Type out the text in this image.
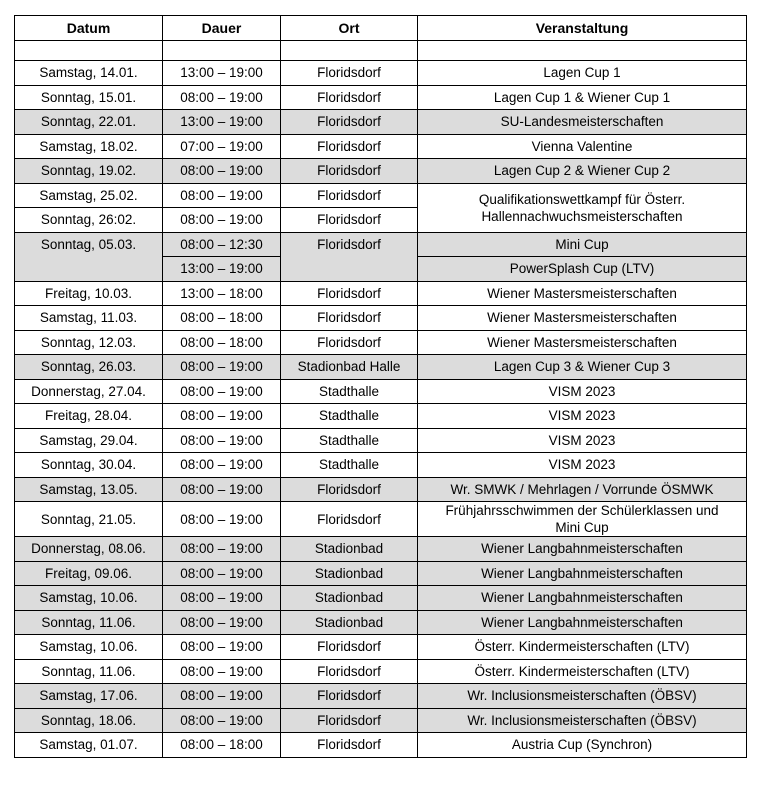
Datum	Dauer	Ort	Veranstaltung

Samstag, 14.01.	13:00 – 19:00	Floridsdorf	Lagen Cup 1
Sonntag, 15.01.	08:00 – 19:00	Floridsdorf	Lagen Cup 1 & Wiener Cup 1
Sonntag, 22.01.	13:00 – 19:00	Floridsdorf	SU-Landesmeisterschaften
Samstag, 18.02.	07:00 – 19:00	Floridsdorf	Vienna Valentine
Sonntag, 19.02.	08:00 – 19:00	Floridsdorf	Lagen Cup 2 & Wiener Cup 2
Samstag, 25.02.	08:00 – 19:00	Floridsdorf	Qualifikationswettkampf für Österr.
Hallennachwuchsmeisterschaften

Sonntag, 26:02.	08:00 – 19:00	Floridsdorf	
Sonntag, 05.03.	08:00 – 12:30	Floridsdorf	Mini Cup
	13:00 – 19:00		PowerSplash Cup (LTV)
Freitag, 10.03.	13:00 – 18:00	Floridsdorf	Wiener Mastersmeisterschaften
Samstag, 11.03.	08:00 – 18:00	Floridsdorf	Wiener Mastersmeisterschaften
Sonntag, 12.03.	08:00 – 18:00	Floridsdorf	Wiener Mastersmeisterschaften
Sonntag, 26.03.	08:00 – 19:00	Stadionbad Halle	Lagen Cup 3 & Wiener Cup 3
Donnerstag, 27.04.	08:00 – 19:00	Stadthalle	VISM 2023
Freitag, 28.04.	08:00 – 19:00	Stadthalle	VISM 2023
Samstag, 29.04.	08:00 – 19:00	Stadthalle	VISM 2023
Sonntag, 30.04.	08:00 – 19:00	Stadthalle	VISM 2023
Samstag, 13.05.	08:00 – 19:00	Floridsdorf	Wr. SMWK / Mehrlagen / Vorrunde ÖSMWK
Sonntag, 21.05.	08:00 – 19:00	Floridsdorf	Frühjahrsschwimmen der Schülerklassen und
Mini Cup

Donnerstag, 08.06.	08:00 – 19:00	Stadionbad	Wiener Langbahnmeisterschaften
Freitag, 09.06.	08:00 – 19:00	Stadionbad	Wiener Langbahnmeisterschaften
Samstag, 10.06.	08:00 – 19:00	Stadionbad	Wiener Langbahnmeisterschaften
Sonntag, 11.06.	08:00 – 19:00	Stadionbad	Wiener Langbahnmeisterschaften
Samstag, 10.06.	08:00 – 19:00	Floridsdorf	Österr. Kindermeisterschaften (LTV)
Sonntag, 11.06.	08:00 – 19:00	Floridsdorf	Österr. Kindermeisterschaften (LTV)
Samstag, 17.06.	08:00 – 19:00	Floridsdorf	Wr. Inclusionsmeisterschaften (ÖBSV)
Sonntag, 18.06.	08:00 – 19:00	Floridsdorf	Wr. Inclusionsmeisterschaften (ÖBSV)
Samstag, 01.07.	08:00 – 18:00	Floridsdorf	Austria Cup (Synchron)
